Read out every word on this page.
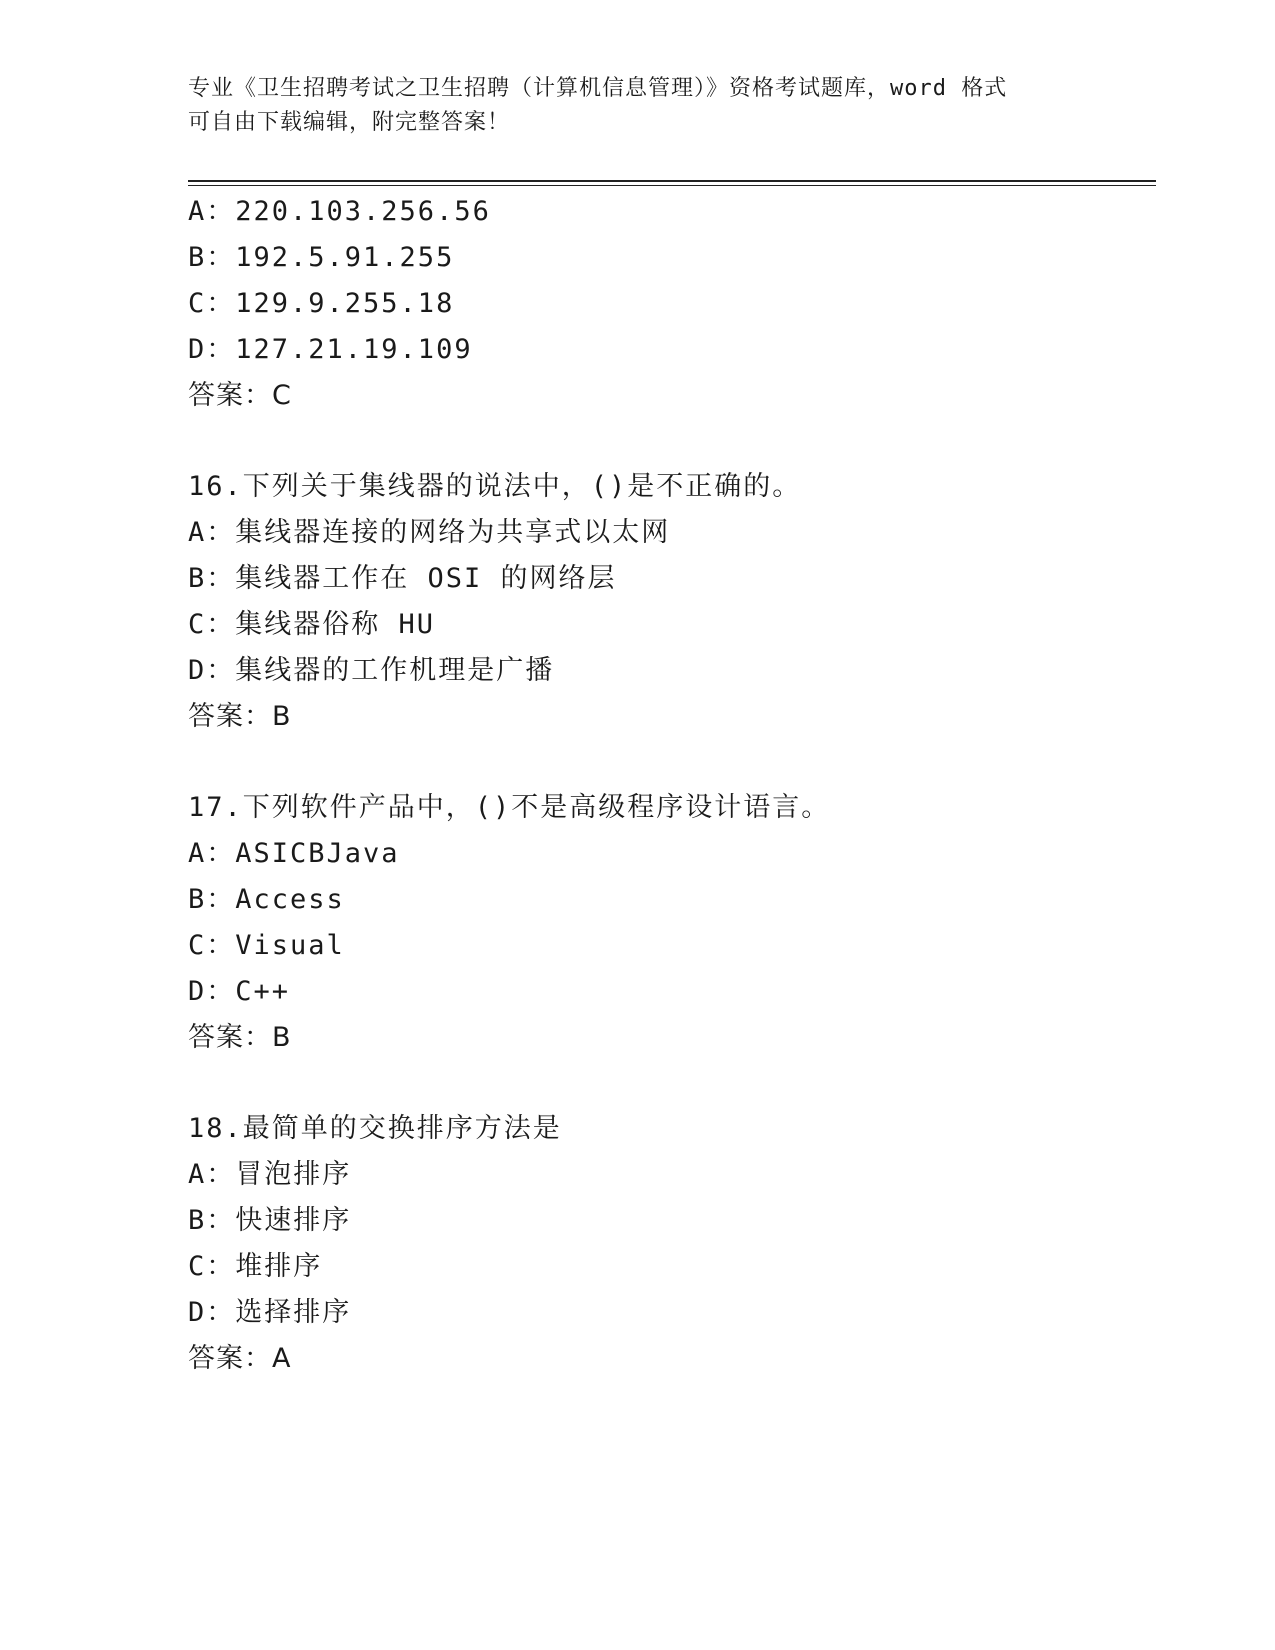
专业《卫生招聘考试之卫生招聘（计算机信息管理）》资格考试题库，word 格式
可自由下载编辑，附完整答案！
A：220.103.256.56
B：192.5.91.255
C：129.9.255.18
D：127.21.19.109
答案：C
16.下列关于集线器的说法中，()是不正确的。
A：集线器连接的网络为共享式以太网
B：集线器工作在 OSI 的网络层
C：集线器俗称 HU
D：集线器的工作机理是广播
答案：B
17.下列软件产品中，()不是高级程序设计语言。
A：ASICBJava
B：Access
C：Visual
D：C++
答案：B
18.最简单的交换排序方法是
A：冒泡排序
B：快速排序
C：堆排序
D：选择排序
答案：A
